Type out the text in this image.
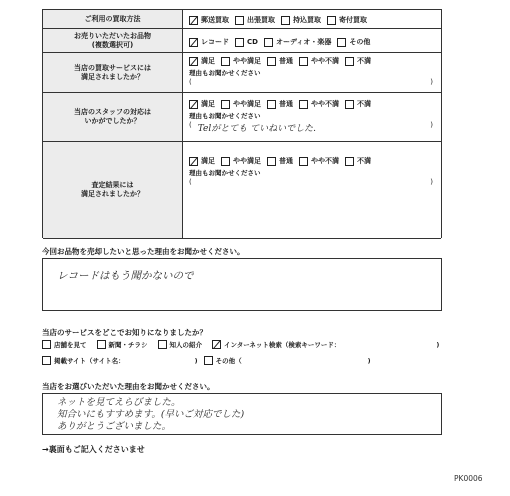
ご利用の買取方法	郵送買取	出張買取	持込買取	寄付買取
お売りいただいたお品物
(複数選択可)	レコード	CD	オーディオ・楽器	その他
当店の買取サービスには
満足されましたか？
満足	やや満足	普通	やや不満	不満
理由もお聞かせください
(	)
当店のスタッフの対応は
いかがでしたか？
満足	やや満足	普通	やや不満	不満
理由もお聞かせください
( Telがとても ていねいでした.	)
査定結果には
満足されましたか？
満足	やや満足	普通	やや不満	不満
理由もお聞かせください
(	)
今回お品物を売却したいと思った理由をお聞かせください。
レコードはもう聞かないので
当店のサービスをどこでお知りになりましたか？
店舗を見て	新聞・チラシ	知人の紹介	インターネット検索（検索キーワード：	)
掲載サイト（サイト名：	)	その他（	)
当店をお選びいただいた理由をお聞かせください。
ネットを見てえらびました。
知合いにもすすめます。(早いご対応でした)
ありがとうございました。
→裏面もご記入くださいませ
PK0006
